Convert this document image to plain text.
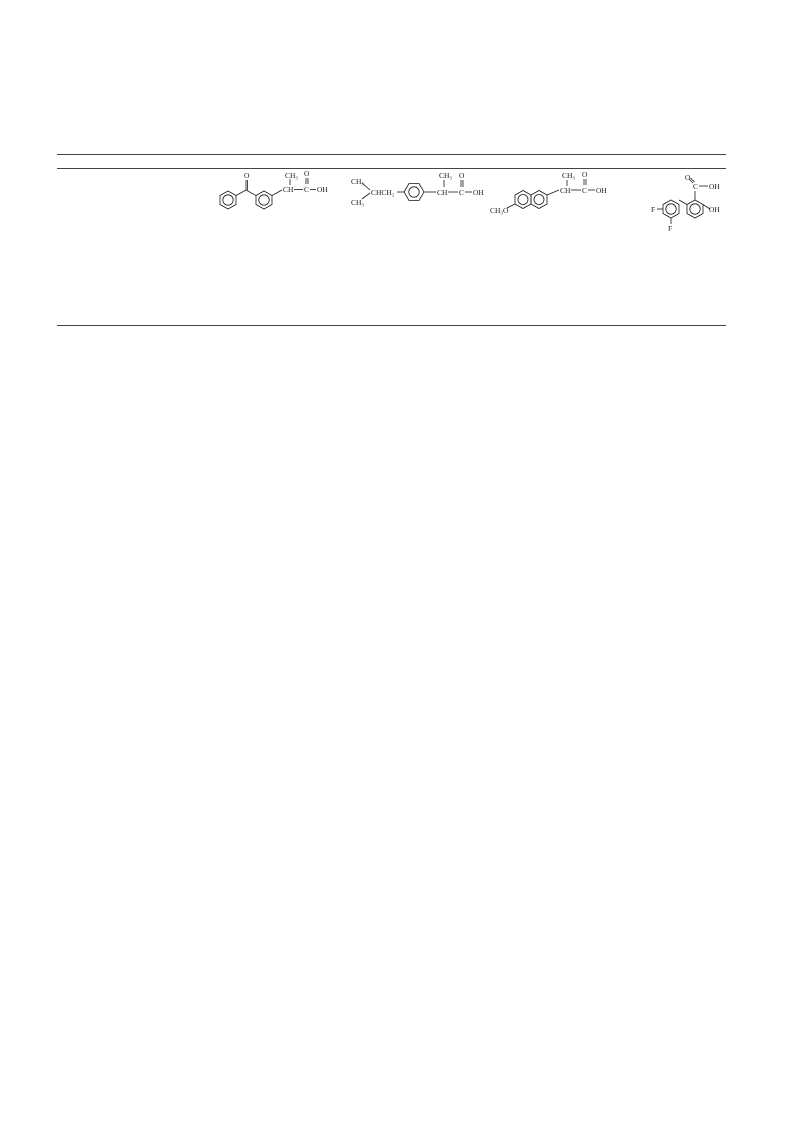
O
CH
CH₃
C
O
OH
CH₃
CH₃
CHCH₂	CH
CH₃
C
O
OH
CH₃O
CH
CH₃
C
O
OH
O
C OH
OH
F
F
